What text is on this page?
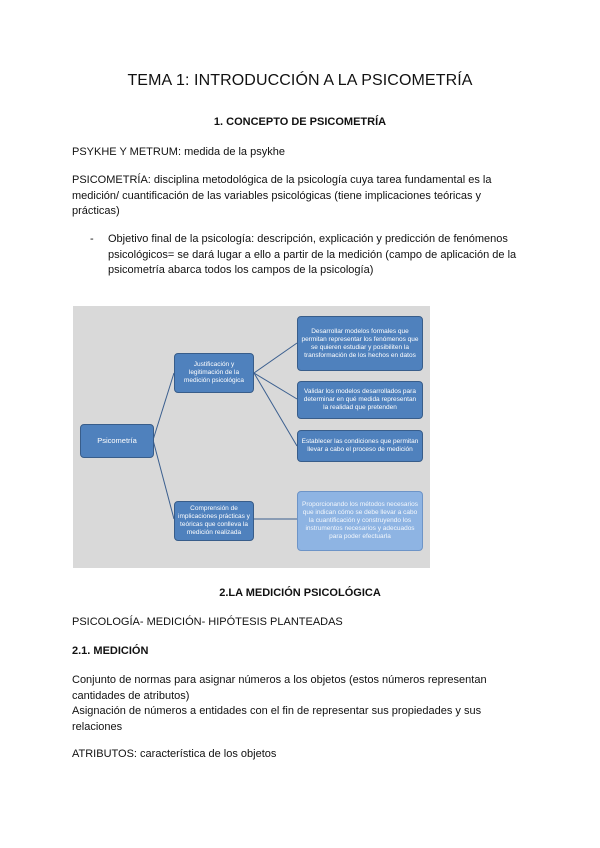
TEMA 1: INTRODUCCIÓN A LA PSICOMETRÍA
1. CONCEPTO DE PSICOMETRÍA
PSYKHE Y METRUM: medida de la psykhe
PSICOMETRÍA: disciplina metodológica de la psicología cuya tarea fundamental es la
medición/ cuantificación de las variables psicológicas (tiene implicaciones teóricas y
prácticas)
- Objetivo final de la psicología: descripción, explicación y predicción de fenómenos
psicológicos= se dará lugar a ello a partir de la medición (campo de aplicación de la
psicometría abarca todos los campos de la psicología)
Psicometría
Justificación y legitimación de la medición psicológica
Comprensión de implicaciones prácticas y teóricas que conlleva la medición realizada
Desarrollar modelos formales que permitan representar los fenómenos que se quieren estudiar y posibiliten la transformación de los hechos en datos
Validar los modelos desarrollados para determinar en qué medida representan la realidad que pretenden
Establecer las condiciones que permitan llevar a cabo el proceso de medición
Proporcionando los métodos necesarios que indican cómo se debe llevar a cabo la cuantificación y construyendo los instrumentos necesarios y adecuados para poder efectuarla
2.LA MEDICIÓN PSICOLÓGICA
PSICOLOGÍA- MEDICIÓN- HIPÓTESIS PLANTEADAS
2.1. MEDICIÓN
Conjunto de normas para asignar números a los objetos (estos números representan
cantidades de atributos)
Asignación de números a entidades con el fin de representar sus propiedades y sus
relaciones
ATRIBUTOS: característica de los objetos
